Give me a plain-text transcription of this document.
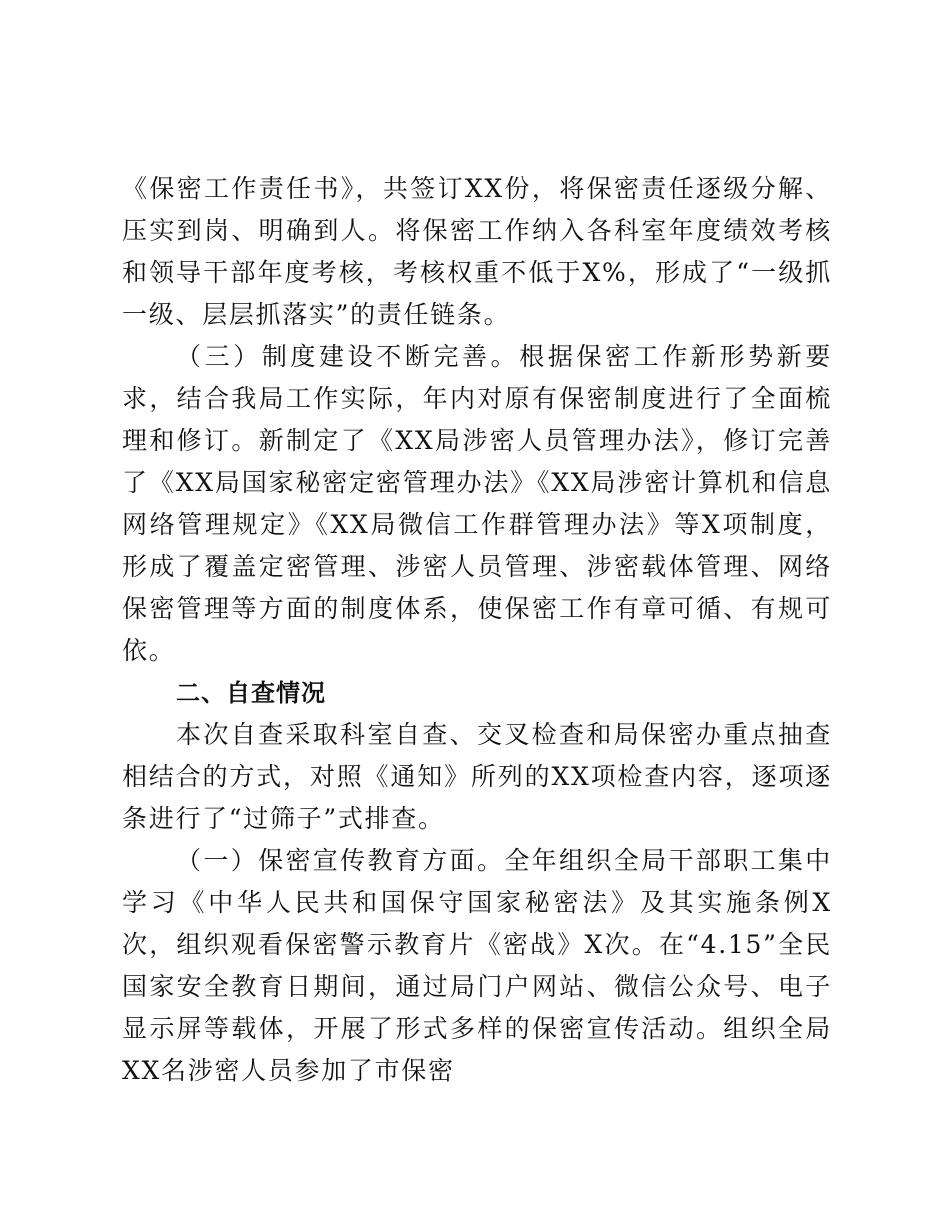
《保密工作责任书》，共签订XX份，将保密责任逐级分解、压实到岗、明确到人。将保密工作纳入各科室年度绩效考核和领导干部年度考核，考核权重不低于X%，形成了“一级抓一级、层层抓落实”的责任链条。

（三）制度建设不断完善。根据保密工作新形势新要求，结合我局工作实际，年内对原有保密制度进行了全面梳理和修订。新制定了《XX局涉密人员管理办法》，修订完善了《XX局国家秘密定密管理办法》《XX局涉密计算机和信息网络管理规定》《XX局微信工作群管理办法》等X项制度，形成了覆盖定密管理、涉密人员管理、涉密载体管理、网络保密管理等方面的制度体系，使保密工作有章可循、有规可依。

二、自查情况

本次自查采取科室自查、交叉检查和局保密办重点抽查相结合的方式，对照《通知》所列的XX项检查内容，逐项逐条进行了“过筛子”式排查。

（一）保密宣传教育方面。全年组织全局干部职工集中学习《中华人民共和国保守国家秘密法》及其实施条例X次，组织观看保密警示教育片《密战》X次。在“4.15”全民国家安全教育日期间，通过局门户网站、微信公众号、电子显示屏等载体，开展了形式多样的保密宣传活动。组织全局XX名涉密人员参加了市保密
